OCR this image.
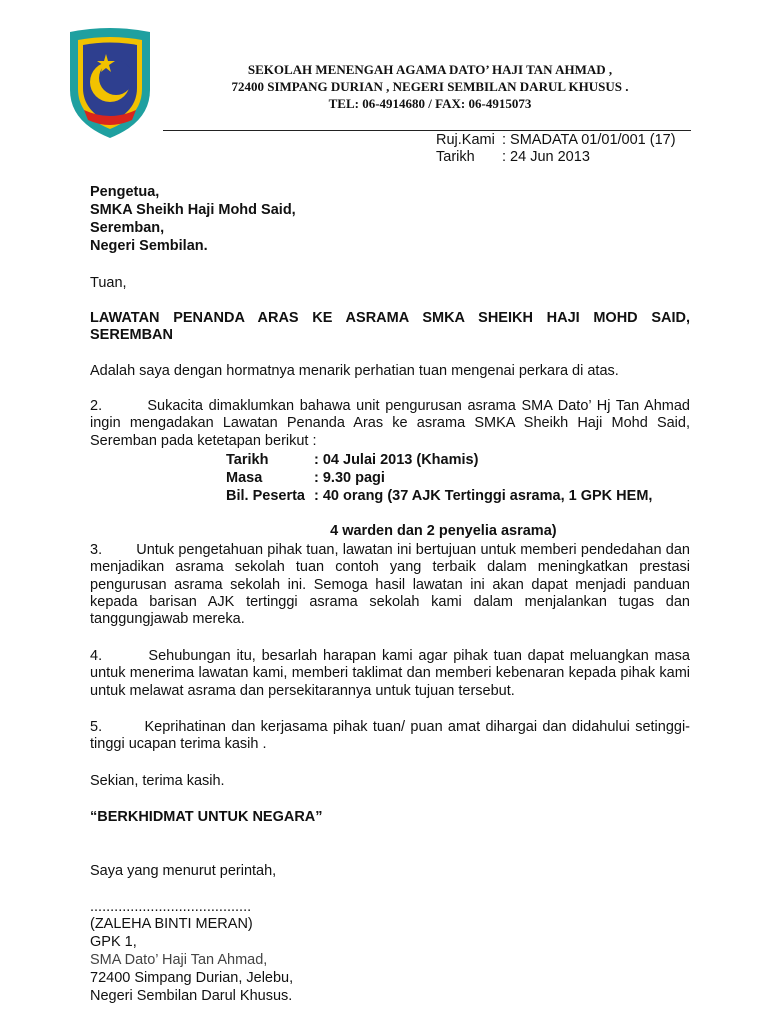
SEKOLAH MENENGAH AGAMA DATO’ HAJI TAN AHMAD ,
72400 SIMPANG DURIAN , NEGERI SEMBILAN DARUL KHUSUS .
TEL: 06-4914680 / FAX: 06-4915073
Ruj.Kami : SMADATA 01/01/001 (17)
Tarikh : 24 Jun 2013
Pengetua,
SMKA Sheikh Haji Mohd Said,
Seremban,
Negeri Sembilan.
Tuan,
LAWATAN PENANDA ARAS KE ASRAMA SMKA SHEIKH HAJI MOHD SAID, SEREMBAN
Adalah saya dengan hormatnya menarik perhatian tuan mengenai perkara di atas.
2.        Sukacita dimaklumkan bahawa unit pengurusan asrama SMA Dato’ Hj Tan Ahmad ingin mengadakan Lawatan Penanda Aras ke asrama SMKA Sheikh Haji Mohd Said, Seremban pada ketetapan berikut :
Tarikh	: 04 Julai 2013 (Khamis)
Masa	: 9.30 pagi
Bil. Peserta : 40 orang (37 AJK Tertinggi asrama, 1 GPK HEM,

4 warden dan 2 penyelia asrama)

3.        Untuk pengetahuan pihak tuan, lawatan ini bertujuan untuk memberi pendedahan dan menjadikan asrama sekolah tuan contoh yang terbaik dalam meningkatkan prestasi pengurusan asrama sekolah ini. Semoga hasil lawatan ini akan dapat menjadi panduan kepada barisan AJK tertinggi asrama sekolah kami dalam menjalankan tugas dan tanggungjawab mereka.
4.        Sehubungan itu, besarlah harapan kami agar pihak tuan dapat meluangkan masa untuk menerima lawatan kami, memberi taklimat dan memberi kebenaran kepada pihak kami untuk melawat asrama dan persekitarannya untuk tujuan tersebut.
5.        Keprihatinan dan kerjasama pihak tuan/ puan amat dihargai dan didahului setinggi-tinggi ucapan terima kasih .
Sekian, terima kasih.
“BERKHIDMAT UNTUK NEGARA”
Saya yang menurut perintah,
........................................
(ZALEHA BINTI MERAN)
GPK 1,
SMA Dato’ Haji Tan Ahmad,
72400 Simpang Durian, Jelebu,
Negeri Sembilan Darul Khusus.
